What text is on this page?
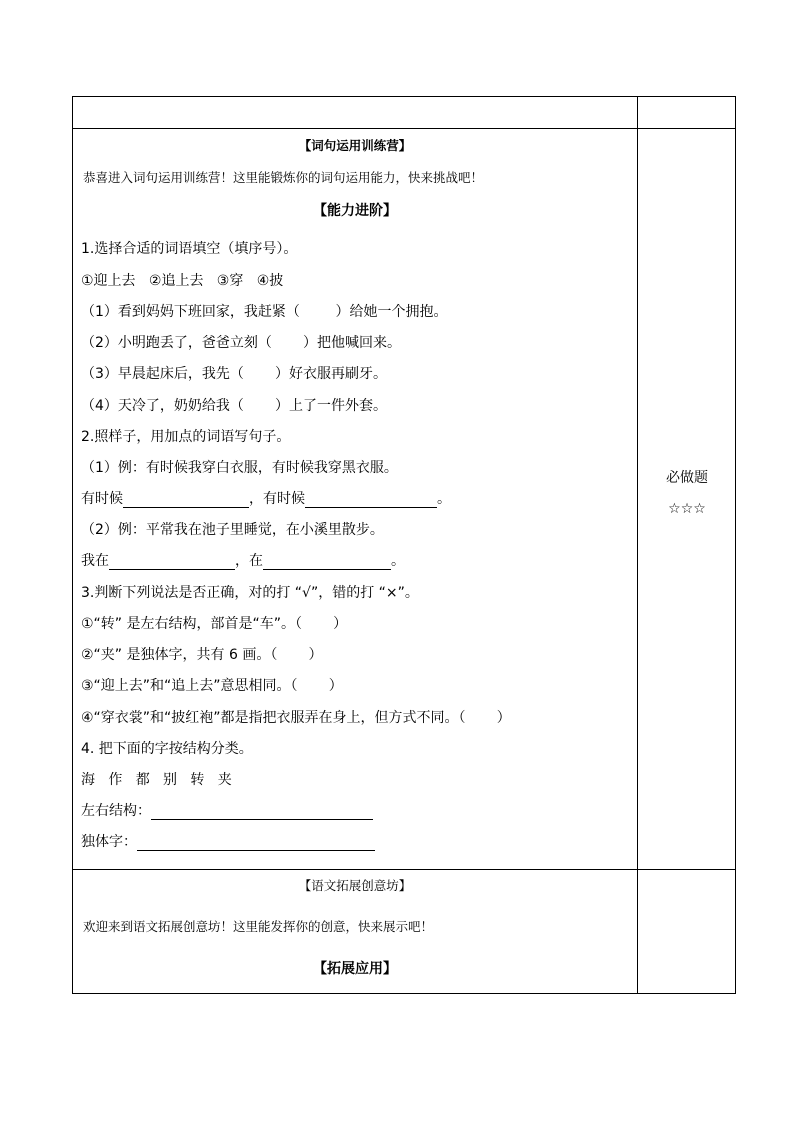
【词句运用训练营】
恭喜进入词句运用训练营！这里能锻炼你的词句运用能力，快来挑战吧！
【能力进阶】
1.选择合适的词语填空（填序号）。
①迎上去   ②追上去   ③穿   ④披
（1）看到妈妈下班回家，我赶紧（        ）给她一个拥抱。
（2）小明跑丢了，爸爸立刻（       ）把他喊回来。
（3）早晨起床后，我先（       ）好衣服再刷牙。
（4）天冷了，奶奶给我（       ）上了一件外套。
2.照样子，用加点的词语写句子。
（1）例：有时候我穿白衣服，有时候我穿黑衣服。
有时候	，有时候	。
（2）例：平常我在池子里睡觉，在小溪里散步。
我在	，在	。
3.判断下列说法是否正确，对的打 “√”，错的打 “×”。
①“转” 是左右结构，部首是“车”。（       ）
②“夹” 是独体字，共有 6 画。（       ）
③“迎上去”和“追上去”意思相同。（       ）
④“穿衣裳”和“披红袍”都是指把衣服弄在身上，但方式不同。（       ）
4. 把下面的字按结构分类。
海   作   都   别   转   夹
左右结构：
独体字：
必做题
☆☆☆
【语文拓展创意坊】
欢迎来到语文拓展创意坊！这里能发挥你的创意，快来展示吧！
【拓展应用】
